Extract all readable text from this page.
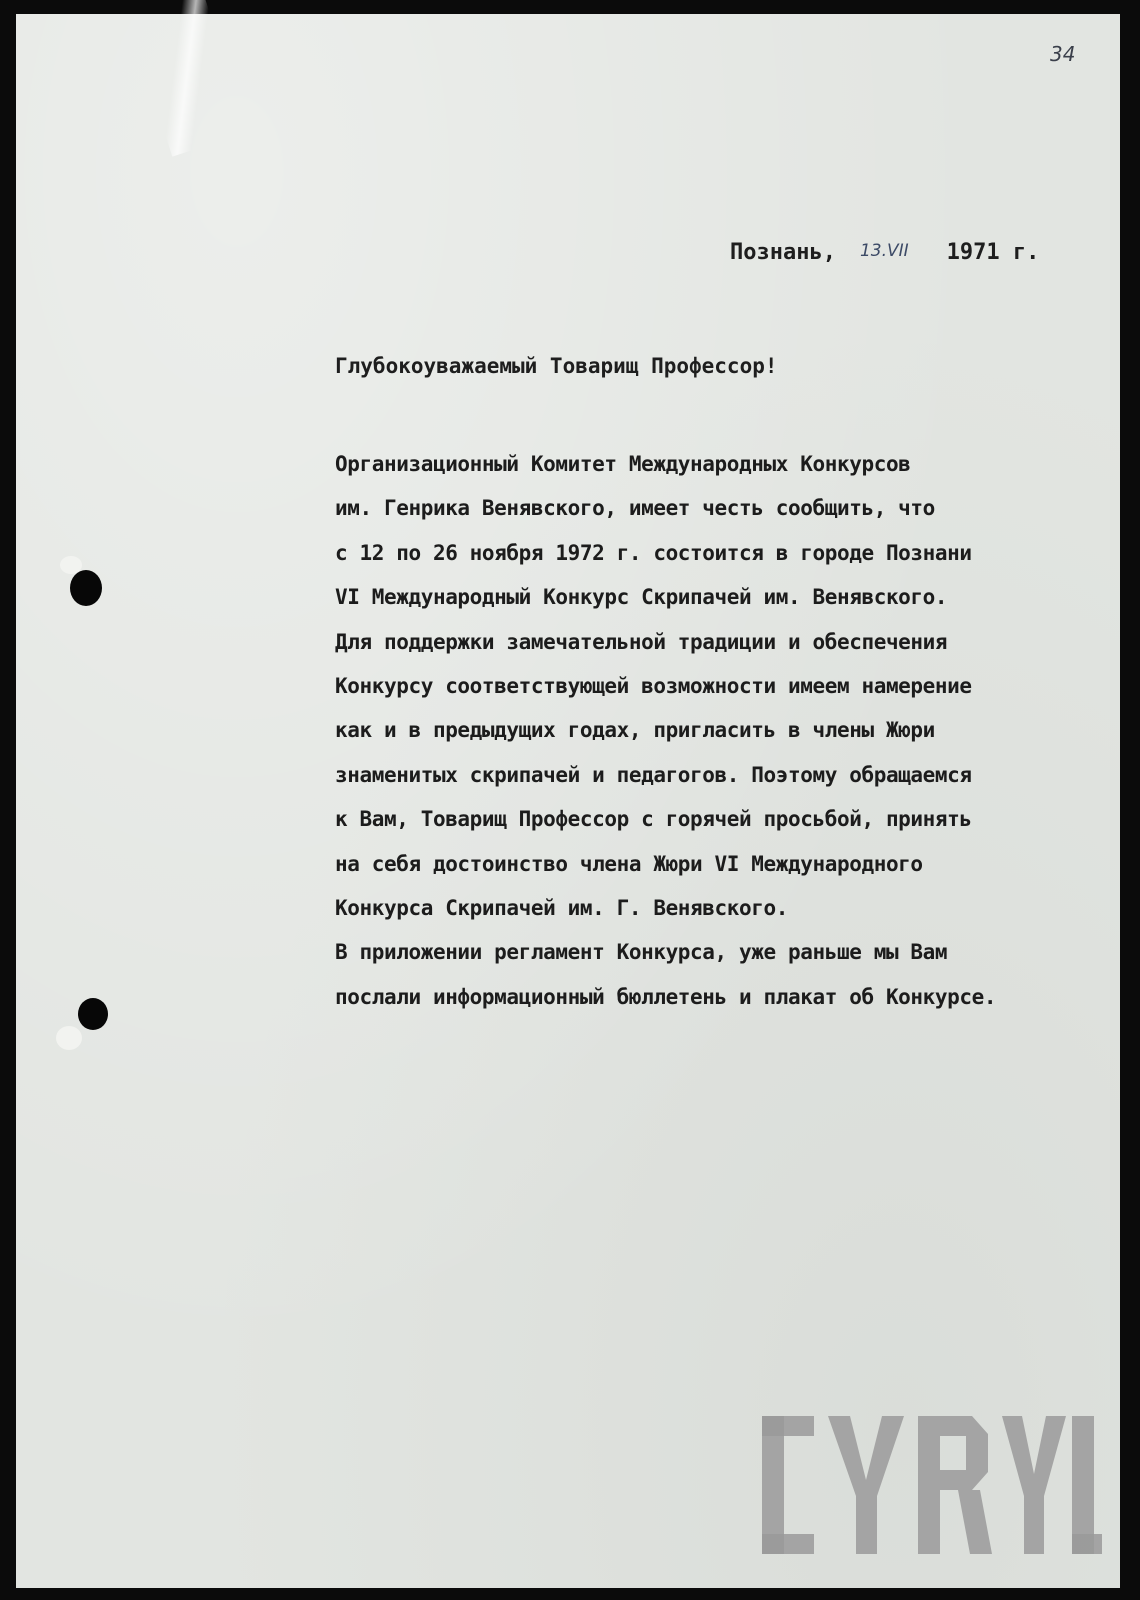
34

Познань, 13.VII 1971 г.

Глубокоуважаемый Товарищ Профессор!

Организационный Комитет Международных Конкурсов
им. Генрика Венявского, имеет честь сообщить, что
с 12 по 26 ноября 1972 г. состоится в городе Познани
VI Международный Конкурс Скрипачей им. Венявского.
Для поддержки замечательной традиции и обеспечения
Конкурсу соответствующей возможности имеем намерение
как и в предыдущих годах, пригласить в члены Жюри
знаменитых скрипачей и педагогов. Поэтому обращаемся
к Вам, Товарищ Профессор с горячей просьбой, принять
на себя достоинство члена Жюри VI Международного
Конкурса Скрипачей им. Г. Венявского.
В приложении регламент Конкурса, уже раньше мы Вам
послали информационный бюллетень и плакат об Конкурсе.
